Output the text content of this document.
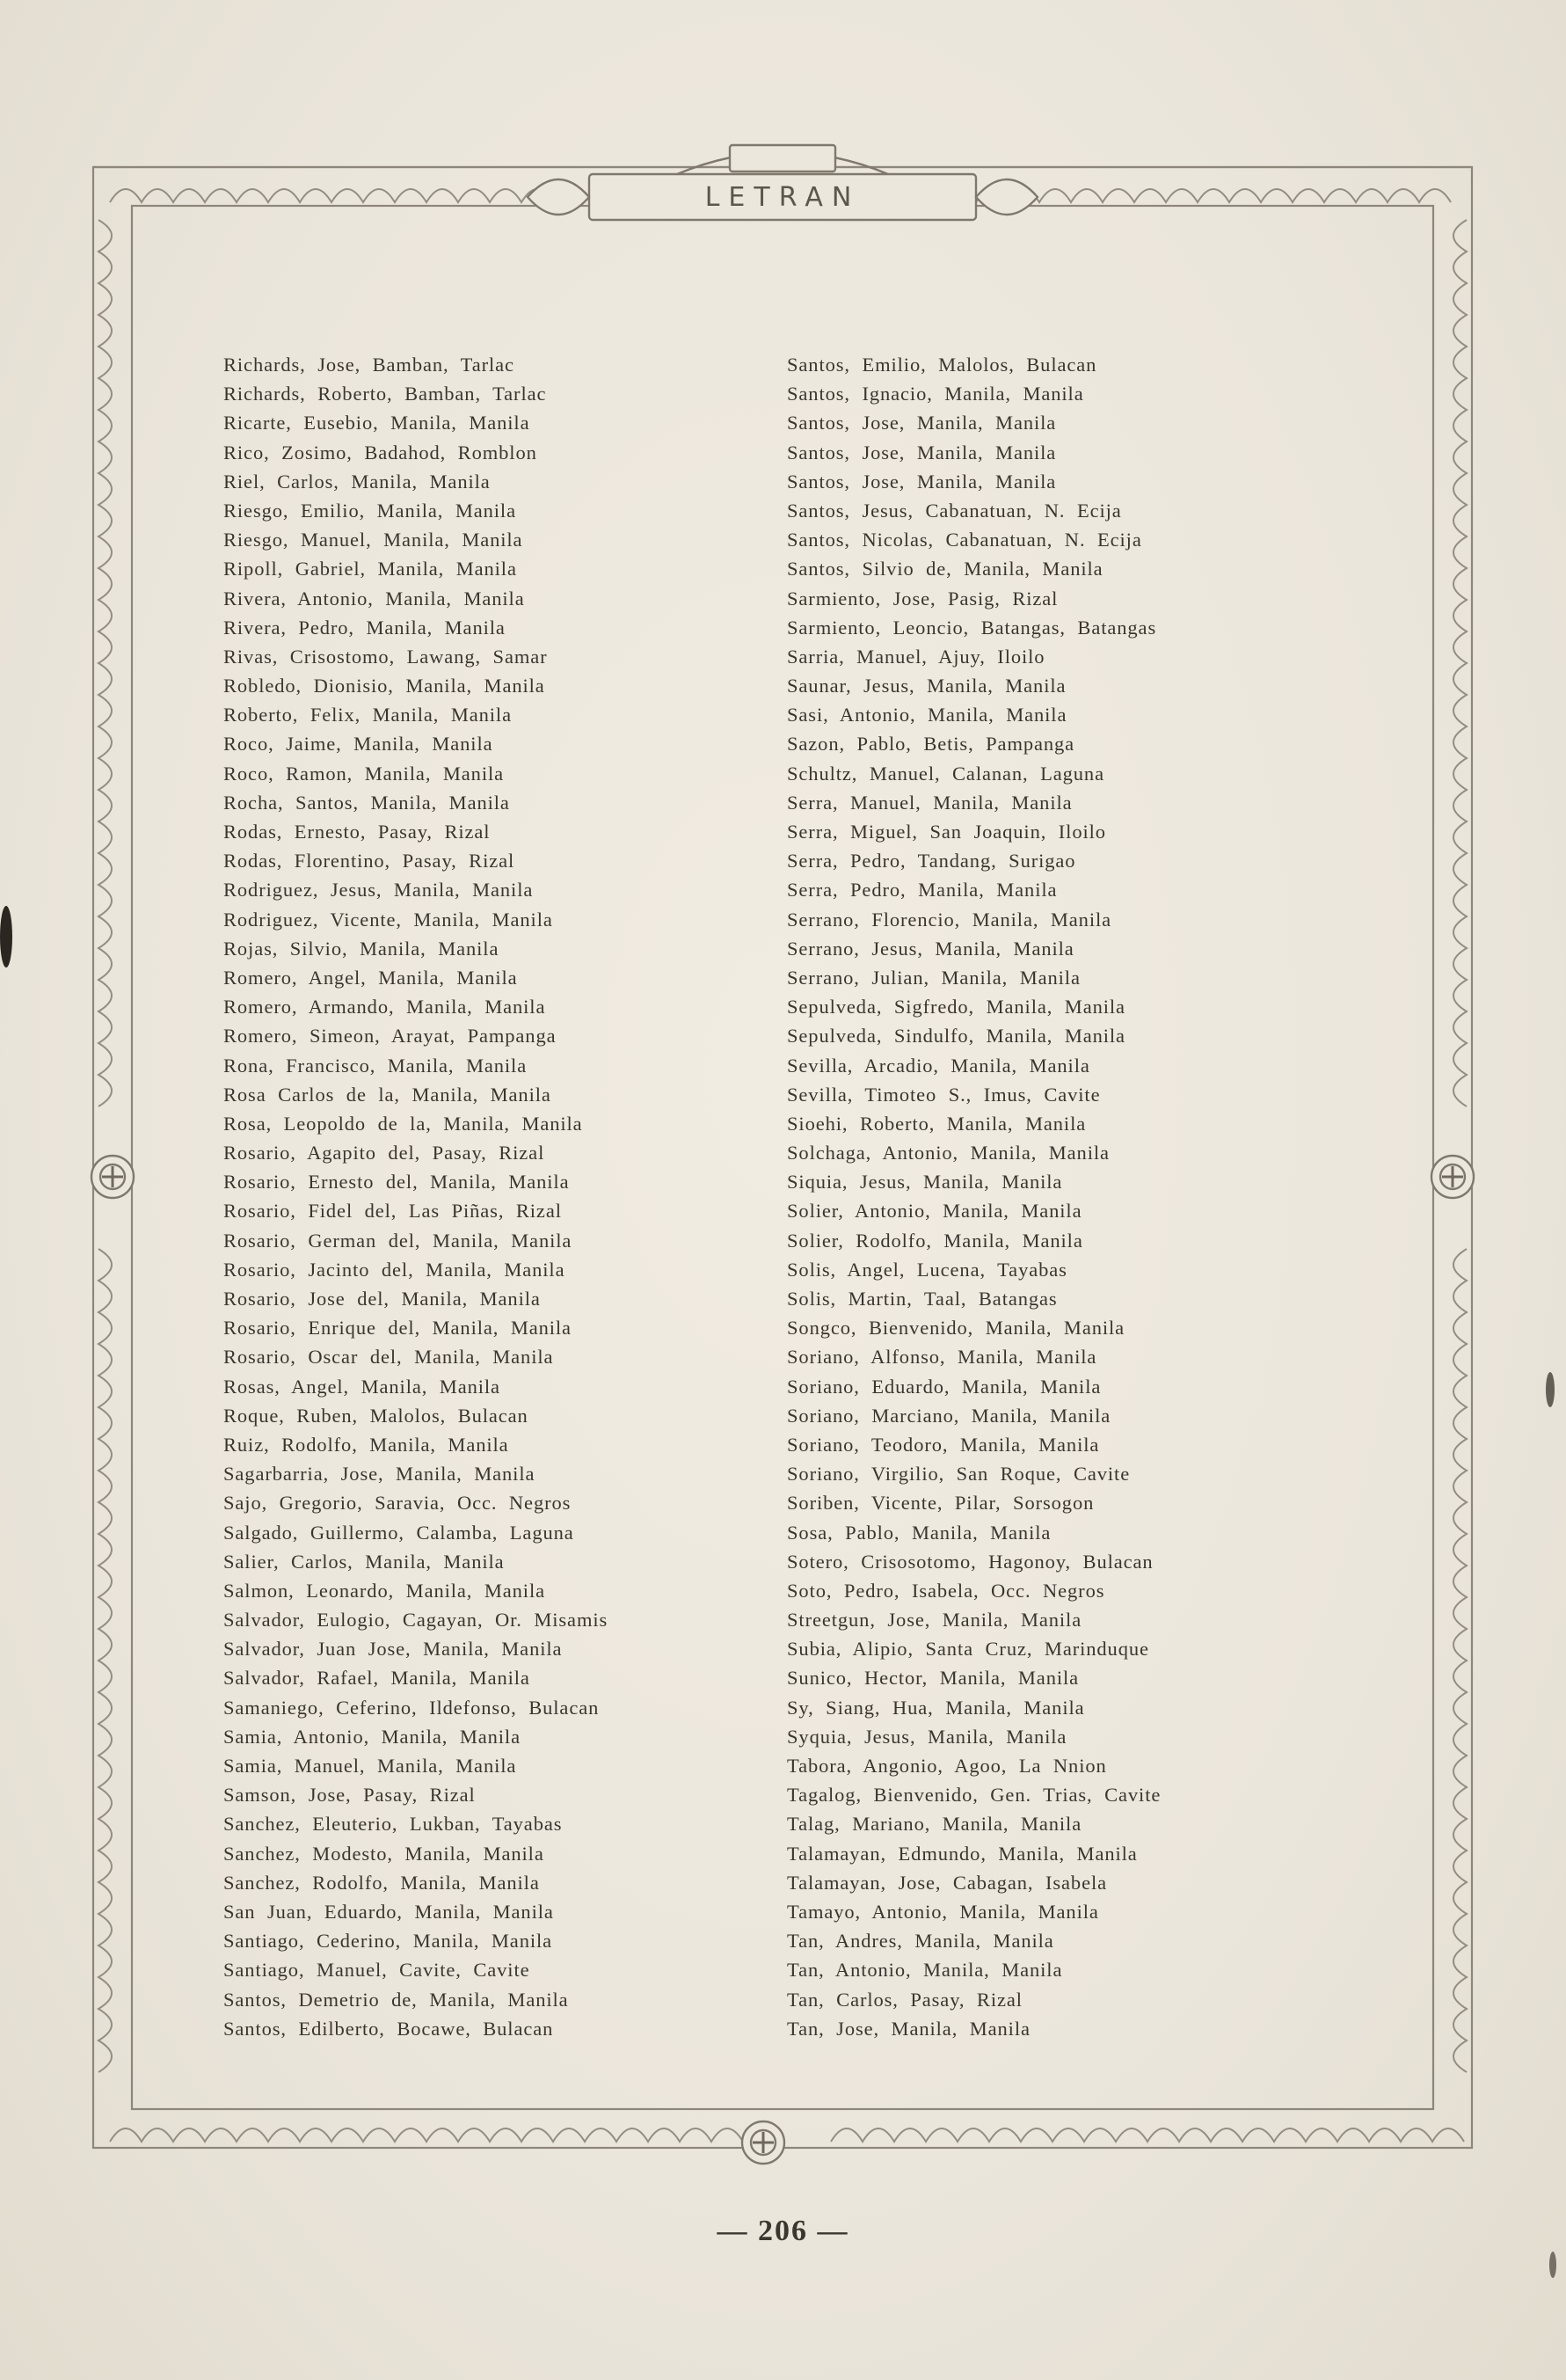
LETRAN
Richards, Jose, Bamban, Tarlac
Richards, Roberto, Bamban, Tarlac
Ricarte, Eusebio, Manila, Manila
Rico, Zosimo, Badahod, Romblon
Riel, Carlos, Manila, Manila
Riesgo, Emilio, Manila, Manila
Riesgo, Manuel, Manila, Manila
Ripoll, Gabriel, Manila, Manila
Rivera, Antonio, Manila, Manila
Rivera, Pedro, Manila, Manila
Rivas, Crisostomo, Lawang, Samar
Robledo, Dionisio, Manila, Manila
Roberto, Felix, Manila, Manila
Roco, Jaime, Manila, Manila
Roco, Ramon, Manila, Manila
Rocha, Santos, Manila, Manila
Rodas, Ernesto, Pasay, Rizal
Rodas, Florentino, Pasay, Rizal
Rodriguez, Jesus, Manila, Manila
Rodriguez, Vicente, Manila, Manila
Rojas, Silvio, Manila, Manila
Romero, Angel, Manila, Manila
Romero, Armando, Manila, Manila
Romero, Simeon, Arayat, Pampanga
Rona, Francisco, Manila, Manila
Rosa Carlos de la, Manila, Manila
Rosa, Leopoldo de la, Manila, Manila
Rosario, Agapito del, Pasay, Rizal
Rosario, Ernesto del, Manila, Manila
Rosario, Fidel del, Las Piñas, Rizal
Rosario, German del, Manila, Manila
Rosario, Jacinto del, Manila, Manila
Rosario, Jose del, Manila, Manila
Rosario, Enrique del, Manila, Manila
Rosario, Oscar del, Manila, Manila
Rosas, Angel, Manila, Manila
Roque, Ruben, Malolos, Bulacan
Ruiz, Rodolfo, Manila, Manila
Sagarbarria, Jose, Manila, Manila
Sajo, Gregorio, Saravia, Occ. Negros
Salgado, Guillermo, Calamba, Laguna
Salier, Carlos, Manila, Manila
Salmon, Leonardo, Manila, Manila
Salvador, Eulogio, Cagayan, Or. Misamis
Salvador, Juan Jose, Manila, Manila
Salvador, Rafael, Manila, Manila
Samaniego, Ceferino, Ildefonso, Bulacan
Samia, Antonio, Manila, Manila
Samia, Manuel, Manila, Manila
Samson, Jose, Pasay, Rizal
Sanchez, Eleuterio, Lukban, Tayabas
Sanchez, Modesto, Manila, Manila
Sanchez, Rodolfo, Manila, Manila
San Juan, Eduardo, Manila, Manila
Santiago, Cederino, Manila, Manila
Santiago, Manuel, Cavite, Cavite
Santos, Demetrio de, Manila, Manila
Santos, Edilberto, Bocawe, Bulacan
Santos, Emilio, Malolos, Bulacan
Santos, Ignacio, Manila, Manila
Santos, Jose, Manila, Manila
Santos, Jose, Manila, Manila
Santos, Jose, Manila, Manila
Santos, Jesus, Cabanatuan, N. Ecija
Santos, Nicolas, Cabanatuan, N. Ecija
Santos, Silvio de, Manila, Manila
Sarmiento, Jose, Pasig, Rizal
Sarmiento, Leoncio, Batangas, Batangas
Sarria, Manuel, Ajuy, Iloilo
Saunar, Jesus, Manila, Manila
Sasi, Antonio, Manila, Manila
Sazon, Pablo, Betis, Pampanga
Schultz, Manuel, Calanan, Laguna
Serra, Manuel, Manila, Manila
Serra, Miguel, San Joaquin, Iloilo
Serra, Pedro, Tandang, Surigao
Serra, Pedro, Manila, Manila
Serrano, Florencio, Manila, Manila
Serrano, Jesus, Manila, Manila
Serrano, Julian, Manila, Manila
Sepulveda, Sigfredo, Manila, Manila
Sepulveda, Sindulfo, Manila, Manila
Sevilla, Arcadio, Manila, Manila
Sevilla, Timoteo S., Imus, Cavite
Sioehi, Roberto, Manila, Manila
Solchaga, Antonio, Manila, Manila
Siquia, Jesus, Manila, Manila
Solier, Antonio, Manila, Manila
Solier, Rodolfo, Manila, Manila
Solis, Angel, Lucena, Tayabas
Solis, Martin, Taal, Batangas
Songco, Bienvenido, Manila, Manila
Soriano, Alfonso, Manila, Manila
Soriano, Eduardo, Manila, Manila
Soriano, Marciano, Manila, Manila
Soriano, Teodoro, Manila, Manila
Soriano, Virgilio, San Roque, Cavite
Soriben, Vicente, Pilar, Sorsogon
Sosa, Pablo, Manila, Manila
Sotero, Crisosotomo, Hagonoy, Bulacan
Soto, Pedro, Isabela, Occ. Negros
Streetgun, Jose, Manila, Manila
Subia, Alipio, Santa Cruz, Marinduque
Sunico, Hector, Manila, Manila
Sy, Siang, Hua, Manila, Manila
Syquia, Jesus, Manila, Manila
Tabora, Angonio, Agoo, La Nnion
Tagalog, Bienvenido, Gen. Trias, Cavite
Talag, Mariano, Manila, Manila
Talamayan, Edmundo, Manila, Manila
Talamayan, Jose, Cabagan, Isabela
Tamayo, Antonio, Manila, Manila
Tan, Andres, Manila, Manila
Tan, Antonio, Manila, Manila
Tan, Carlos, Pasay, Rizal
Tan, Jose, Manila, Manila
— 206 —
